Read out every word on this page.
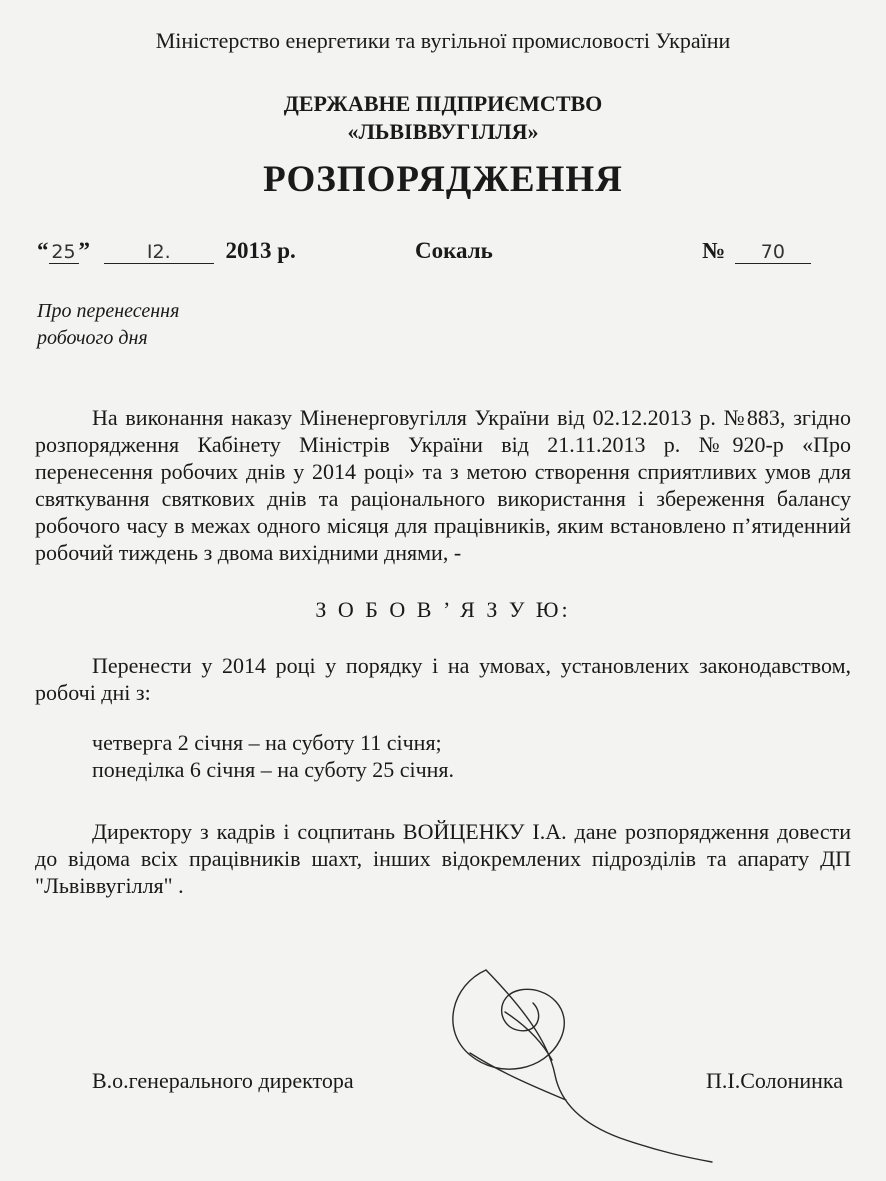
Міністерство енергетики та вугільної промисловості України
ДЕРЖАВНЕ ПІДПРИЄМСТВО
«ЛЬВІВВУГІЛЛЯ»
РОЗПОРЯДЖЕННЯ
“ 25 ”	I2. 2013 р.	Сокаль	№ 70
Про перенесення
робочого дня
На виконання наказу Міненерговугілля України від 02.12.2013 р. №883, згідно розпорядження Кабінету Міністрів України від 21.11.2013 р. №920-р «Про перенесення робочих днів у 2014 році» та з метою створення сприятливих умов для святкування святкових днів та раціонального використання і збереження балансу робочого часу в межах одного місяця для працівників, яким встановлено п’ятиденний робочий тиждень з двома вихідними днями, -
З О Б О В ’ Я З У Ю:
Перенести у 2014 році у порядку і на умовах, установлених законодавством, робочі дні з:
четверга 2 січня – на суботу 11 січня;
понеділка 6 січня – на суботу 25 січня.
Директору з кадрів і соцпитань ВОЙЦЕНКУ І.А. дане розпорядження довести до відома всіх працівників шахт, інших відокремлених підрозділів та апарату ДП "Львіввугілля" .
В.о.генерального директора	П.І.Солонинка
